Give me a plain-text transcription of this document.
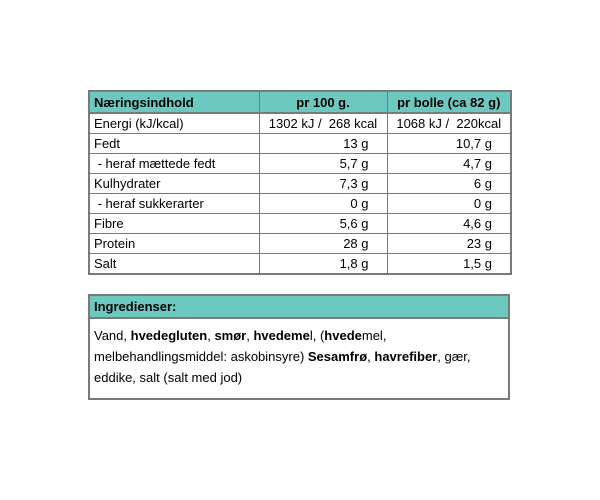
Næringsindhold	pr 100 g.	pr bolle (ca 82 g)
Energi (kJ/kcal)	1302 kJ /  268 kcal	1068 kJ /  220kcal
Fedt	13 g	10,7 g
- heraf mættede fedt	5,7 g	4,7 g
Kulhydrater	7,3 g	6 g
- heraf sukkerarter	0 g	0 g
Fibre	5,6 g	4,6 g
Protein	28 g	23 g
Salt	1,8 g	1,5 g
Ingredienser:
Vand, hvedegluten, smør, hvedemel, (hvedemel, melbehandlingsmiddel: askobinsyre) Sesamfrø, havrefiber, gær, eddike, salt (salt med jod)
